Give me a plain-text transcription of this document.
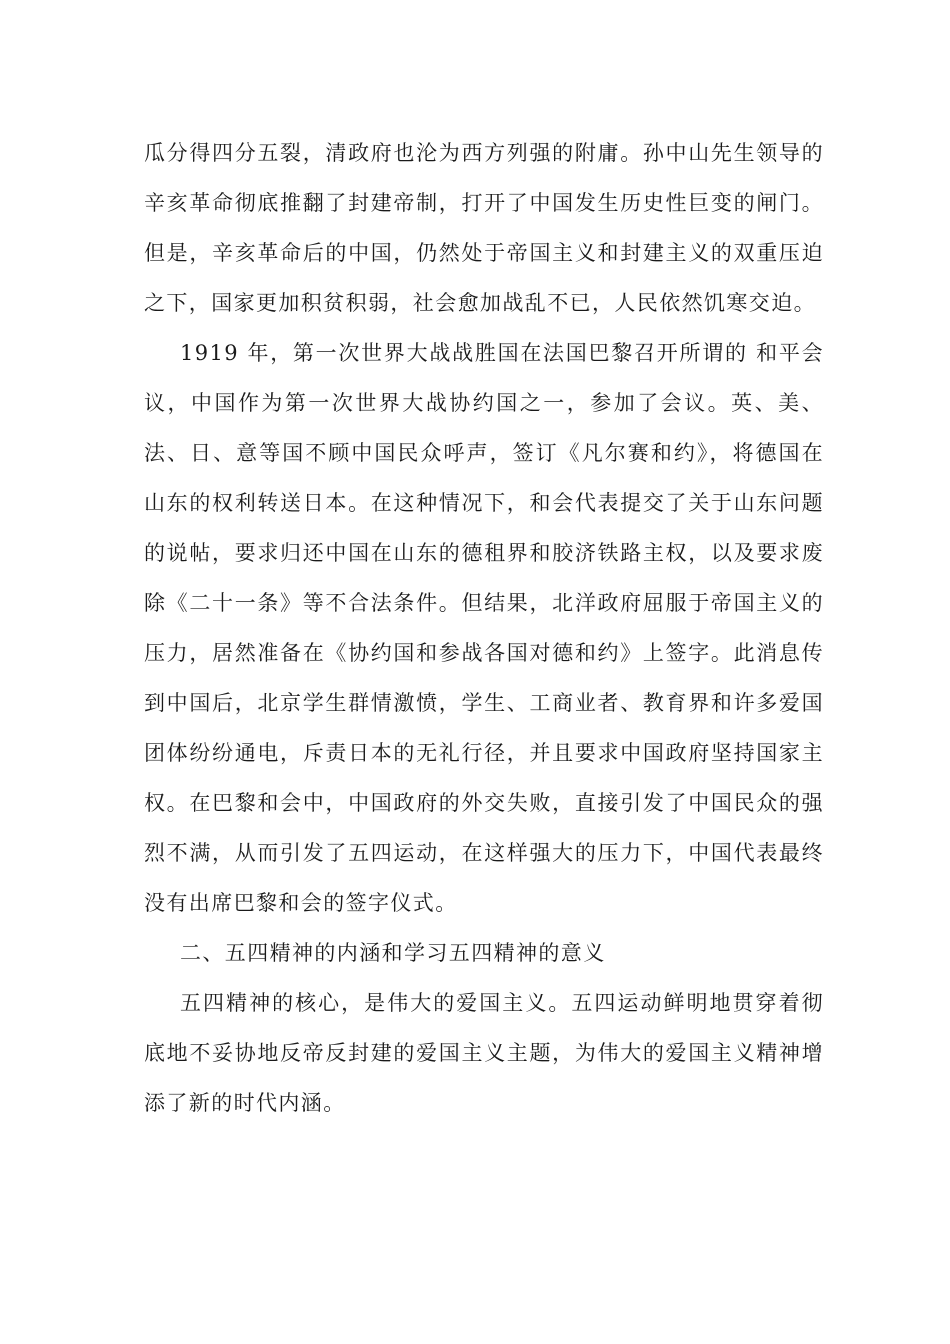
瓜分得四分五裂，清政府也沦为西方列强的附庸。孙中山先生领导的辛亥革命彻底推翻了封建帝制，打开了中国发生历史性巨变的闸门。但是，辛亥革命后的中国，仍然处于帝国主义和封建主义的双重压迫之下，国家更加积贫积弱，社会愈加战乱不已，人民依然饥寒交迫。

1919 年，第一次世界大战战胜国在法国巴黎召开所谓的 和平会议，中国作为第一次世界大战协约国之一，参加了会议。英、美、法、日、意等国不顾中国民众呼声，签订《凡尔赛和约》，将德国在山东的权利转送日本。在这种情况下，和会代表提交了关于山东问题的说帖，要求归还中国在山东的德租界和胶济铁路主权，以及要求废除《二十一条》等不合法条件。但结果，北洋政府屈服于帝国主义的压力，居然准备在《协约国和参战各国对德和约》上签字。此消息传到中国后，北京学生群情激愤，学生、工商业者、教育界和许多爱国团体纷纷通电，斥责日本的无礼行径，并且要求中国政府坚持国家主权。在巴黎和会中，中国政府的外交失败，直接引发了中国民众的强烈不满，从而引发了五四运动，在这样强大的压力下，中国代表最终没有出席巴黎和会的签字仪式。

二、五四精神的内涵和学习五四精神的意义

五四精神的核心，是伟大的爱国主义。五四运动鲜明地贯穿着彻底地不妥协地反帝反封建的爱国主义主题，为伟大的爱国主义精神增添了新的时代内涵。
